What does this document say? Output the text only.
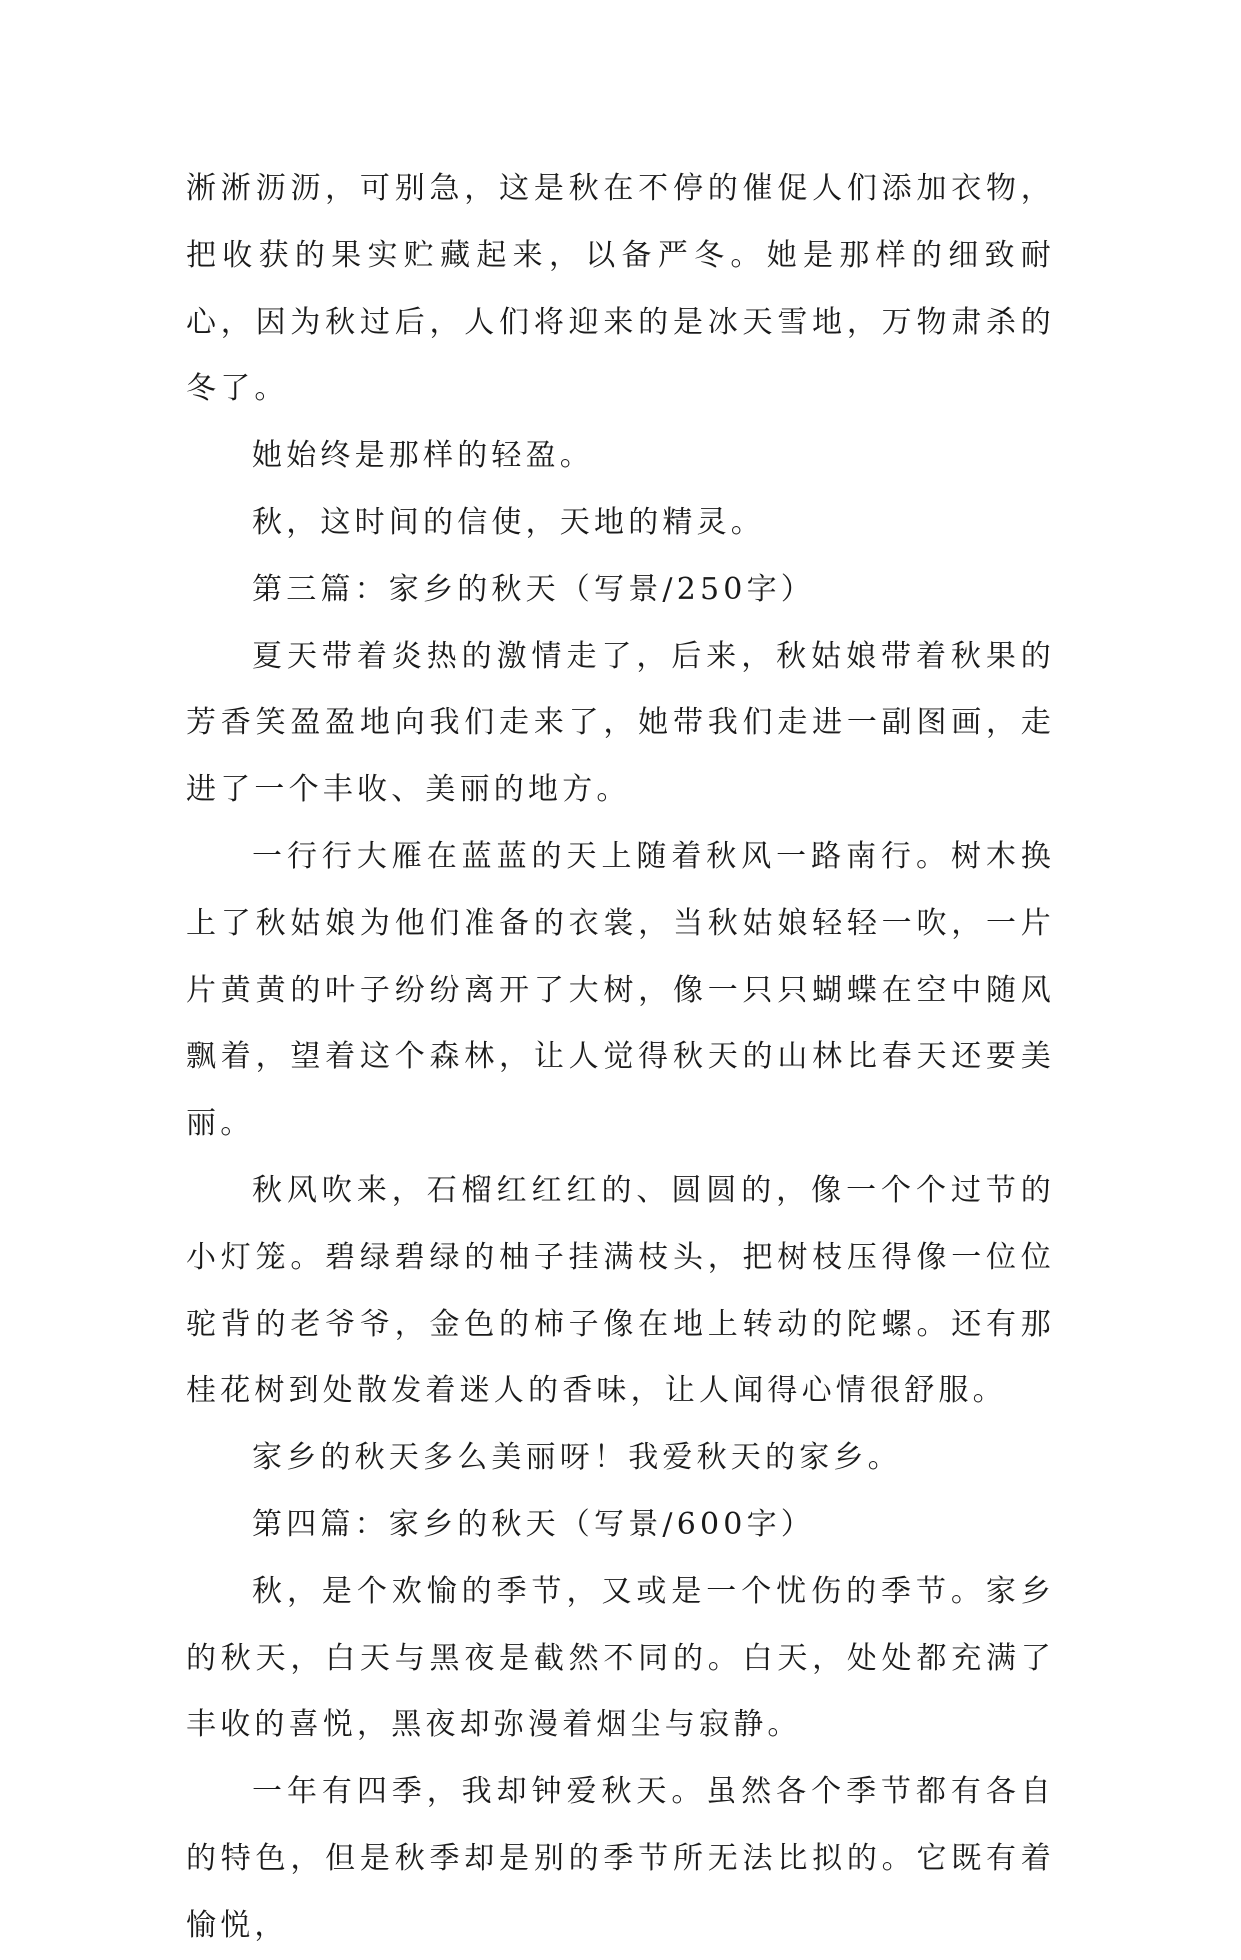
淅淅沥沥，可别急，这是秋在不停的催促人们添加衣物，把收获的果实贮藏起来，以备严冬。她是那样的细致耐心，因为秋过后，人们将迎来的是冰天雪地，万物肃杀的冬了。

她始终是那样的轻盈。

秋，这时间的信使，天地的精灵。

第三篇：家乡的秋天（写景/250字）

夏天带着炎热的激情走了，后来，秋姑娘带着秋果的芳香笑盈盈地向我们走来了，她带我们走进一副图画，走进了一个丰收、美丽的地方。

一行行大雁在蓝蓝的天上随着秋风一路南行。树木换上了秋姑娘为他们准备的衣裳，当秋姑娘轻轻一吹，一片片黄黄的叶子纷纷离开了大树，像一只只蝴蝶在空中随风飘着，望着这个森林，让人觉得秋天的山林比春天还要美丽。

秋风吹来，石榴红红红的、圆圆的，像一个个过节的小灯笼。碧绿碧绿的柚子挂满枝头，把树枝压得像一位位驼背的老爷爷，金色的柿子像在地上转动的陀螺。还有那桂花树到处散发着迷人的香味，让人闻得心情很舒服。

家乡的秋天多么美丽呀！我爱秋天的家乡。

第四篇：家乡的秋天（写景/600字）

秋，是个欢愉的季节，又或是一个忧伤的季节。家乡的秋天，白天与黑夜是截然不同的。白天，处处都充满了丰收的喜悦，黑夜却弥漫着烟尘与寂静。

一年有四季，我却钟爱秋天。虽然各个季节都有各自的特色，但是秋季却是别的季节所无法比拟的。它既有着愉悦，
